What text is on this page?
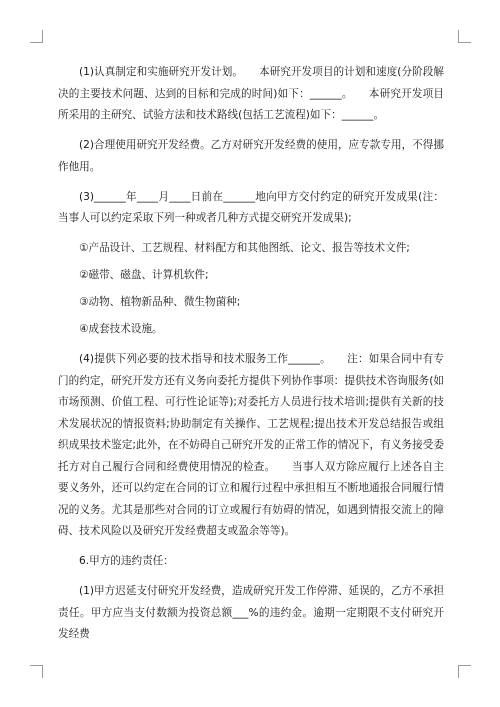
(1)认真制定和实施研究开发计划。　　本研究开发项目的计划和速度(分阶段解决的主要技术问题、达到的目标和完成的时间)如下：______。　　本研究开发项目所采用的主研究、试验方法和技术路线(包括工艺流程)如下：______。

(2)合理使用研究开发经费。乙方对研究开发经费的使用，应专款专用，不得挪作他用。

(3)______年____月____日前在______地向甲方交付约定的研究开发成果(注：当事人可以约定采取下列一种或者几种方式提交研究开发成果);

①产品设计、工艺规程、材料配方和其他图纸、论文、报告等技术文件;

②磁带、磁盘、计算机软件;

③动物、植物新品种、微生物菌种;

④成套技术设施。

(4)提供下列必要的技术指导和技术服务工作______。　　注：如果合同中有专门的约定，研究开发方还有义务向委托方提供下列协作事项：提供技术咨询服务(如市场预测、价值工程、可行性论证等);对委托方人员进行技术培训;提供有关新的技术发展状况的情报资料;协助制定有关操作、工艺规程;提出技术开发总结报告或组织成果技术鉴定;此外，在不妨碍自己研究开发的正常工作的情况下，有义务接受委托方对自己履行合同和经费使用情况的检查。　　当事人双方除应履行上述各自主要义务外，还可以约定在合同的订立和履行过程中承担相互不断地通报合同履行情况的义务。尤其是那些对合同的订立或履行有妨碍的情况，如遇到情报交流上的障碍、技术风险以及研究开发经费超支或盈余等等)。

6.甲方的违约责任：

(1)甲方迟延支付研究开发经费，造成研究开发工作停滞、延误的，乙方不承担责任。甲方应当支付数额为投资总额___%的违约金。逾期一定期限不支付研究开发经费
